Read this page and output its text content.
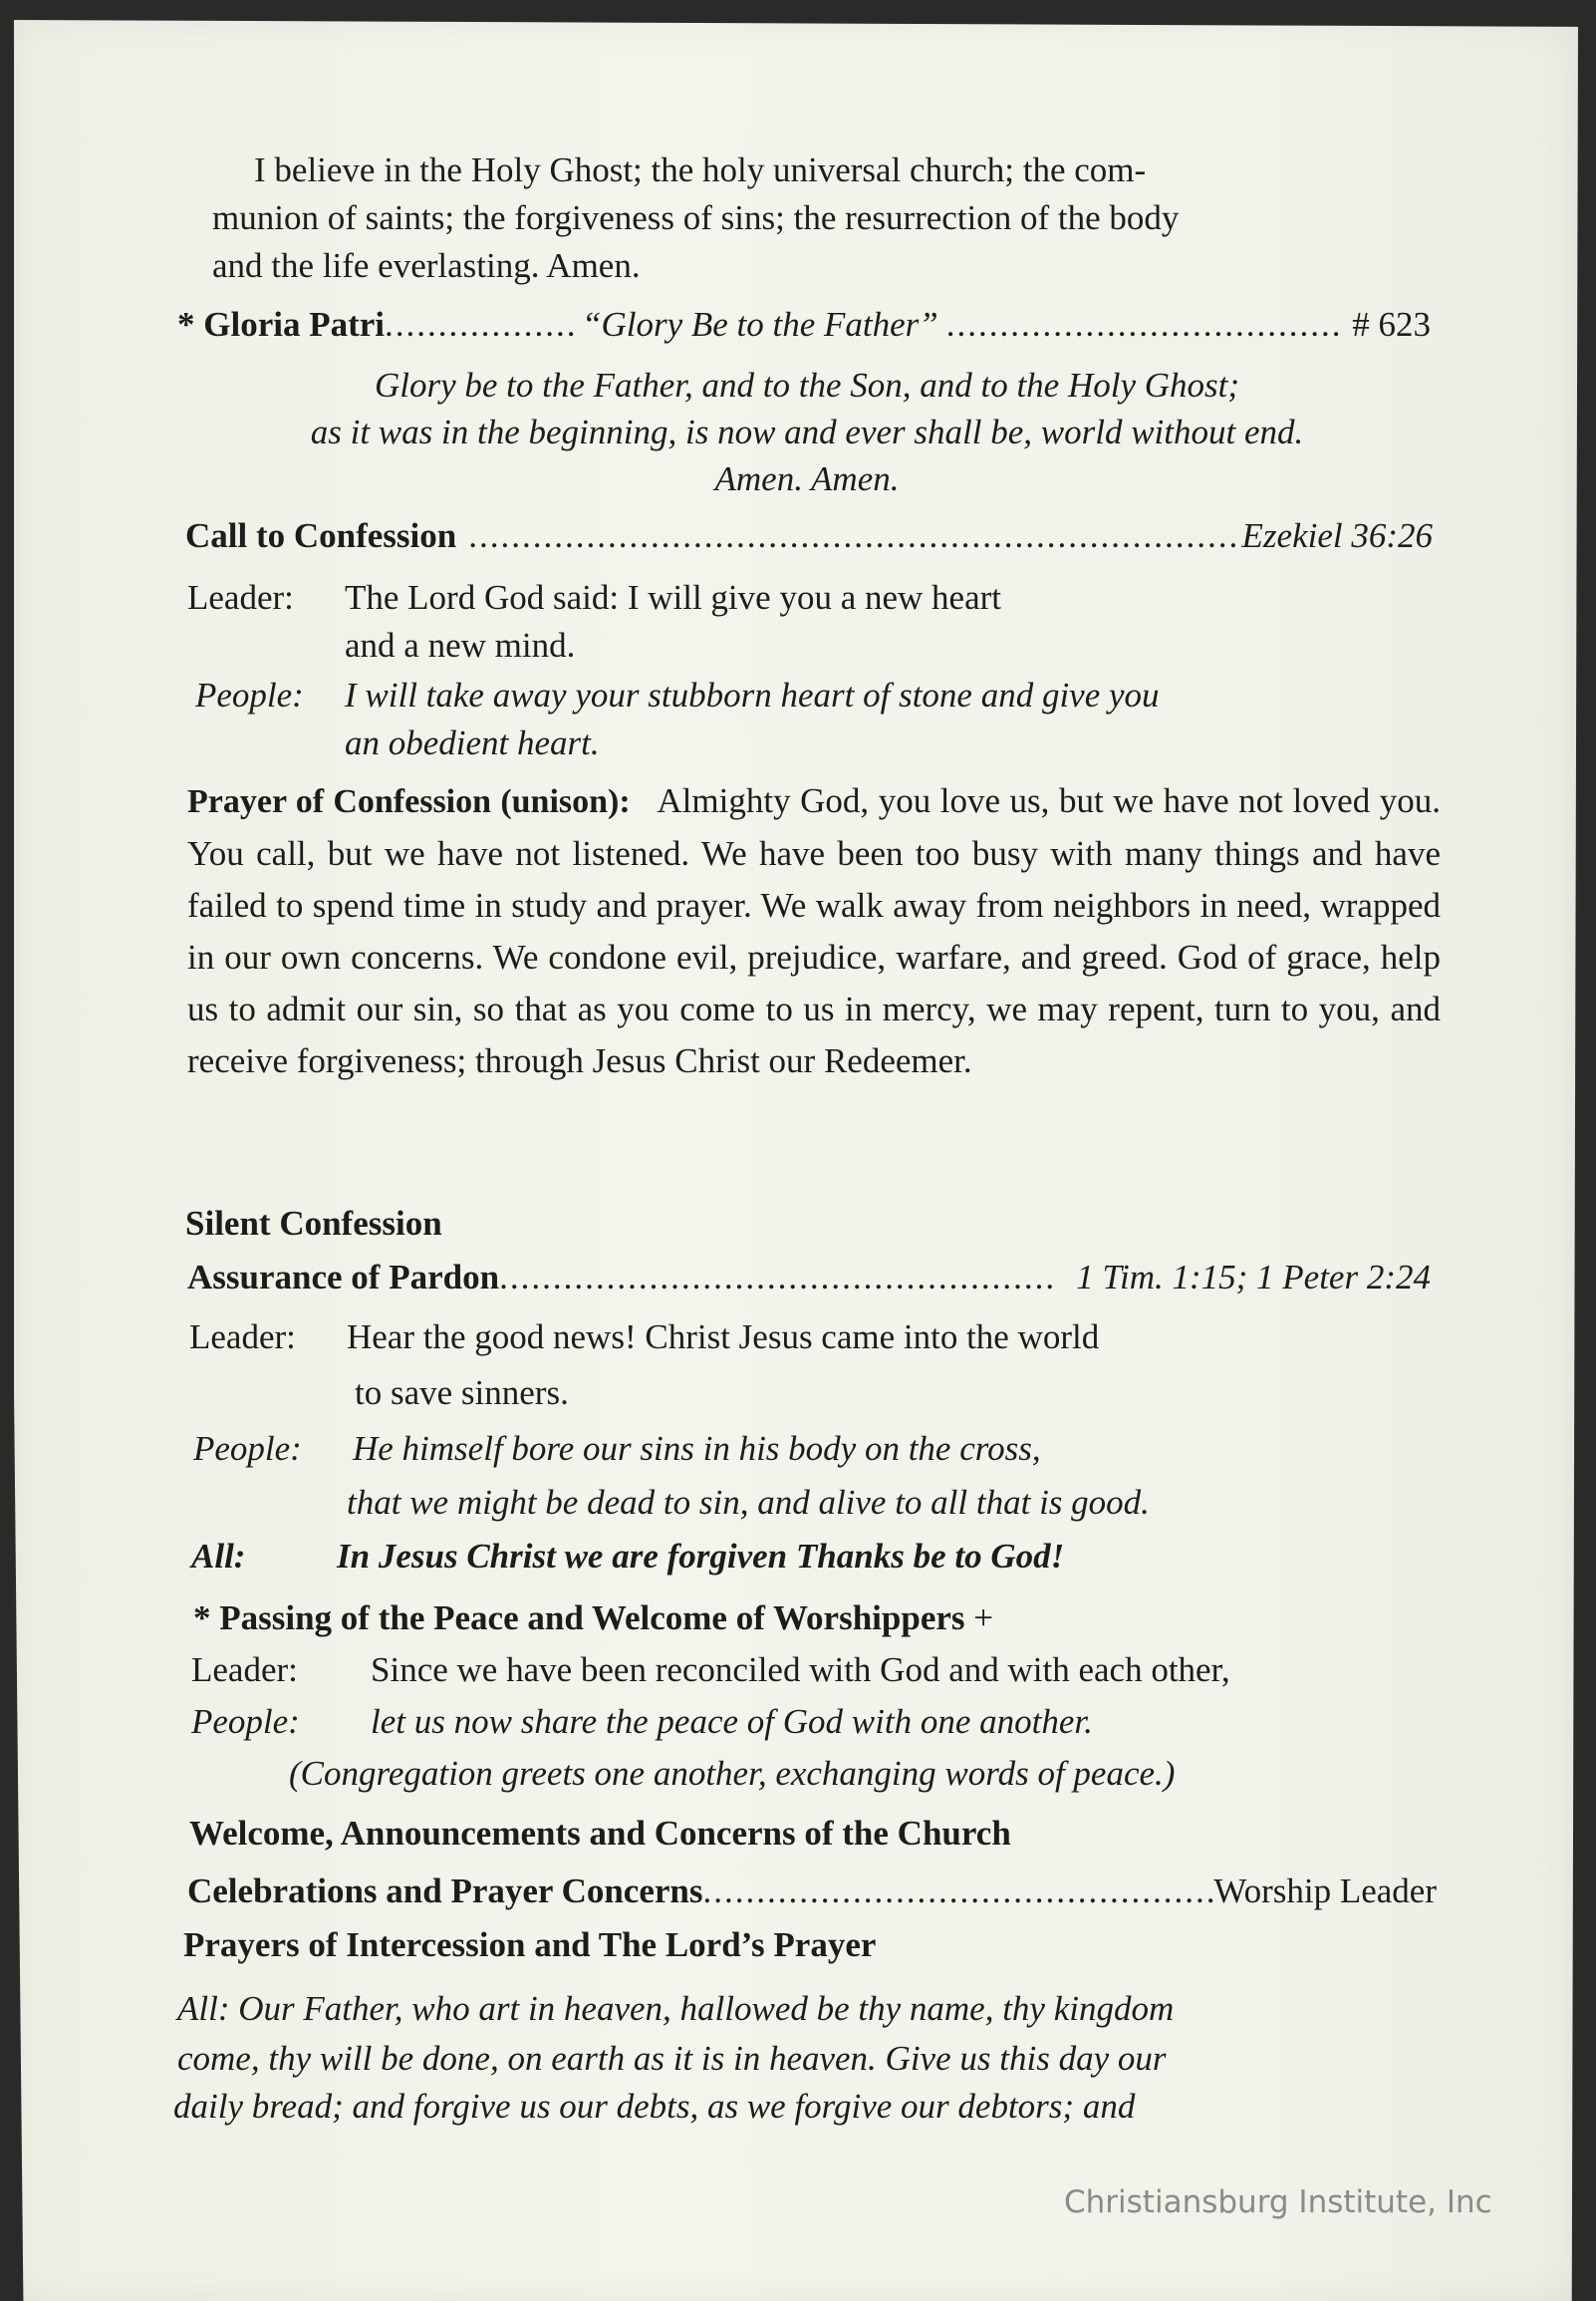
I believe in the Holy Ghost; the holy universal church; the com-
munion of saints; the forgiveness of sins; the resurrection of the body
and the life everlasting. Amen.
* Gloria Patri .....	“Glory Be to the Father” .....	# 623
Glory be to the Father, and to the Son, and to the Holy Ghost;
as it was in the beginning, is now and ever shall be, world without end.
Amen. Amen.
Call to Confession .....	Ezekiel 36:26
Leader: The Lord God said: I will give you a new heart
and a new mind.
People: I will take away your stubborn heart of stone and give you
an obedient heart.
Prayer of Confession (unison): Almighty God, you love us, but we have not loved you. You call, but we have not listened. We have been too busy with many things and have failed to spend time in study and prayer. We walk away from neighbors in need, wrapped in our own concerns. We condone evil, prejudice, warfare, and greed. God of grace, help us to admit our sin, so that as you come to us in mercy, we may repent, turn to you, and receive forgiveness; through Jesus Christ our Redeemer.
Silent Confession
Assurance of Pardon .....	1 Tim. 1:15; 1 Peter 2:24
Leader: Hear the good news! Christ Jesus came into the world
to save sinners.
People: He himself bore our sins in his body on the cross,
that we might be dead to sin, and alive to all that is good.
All:	In Jesus Christ we are forgiven Thanks be to God!
* Passing of the Peace and Welcome of Worshippers +
Leader: Since we have been reconciled with God and with each other,
People: let us now share the peace of God with one another.
(Congregation greets one another, exchanging words of peace.)
Welcome, Announcements and Concerns of the Church
Celebrations and Prayer Concerns .....	Worship Leader
Prayers of Intercession and The Lord’s Prayer
All: Our Father, who art in heaven, hallowed be thy name, thy kingdom
come, thy will be done, on earth as it is in heaven. Give us this day our
daily bread; and forgive us our debts, as we forgive our debtors; and
Christiansburg Institute, Inc
